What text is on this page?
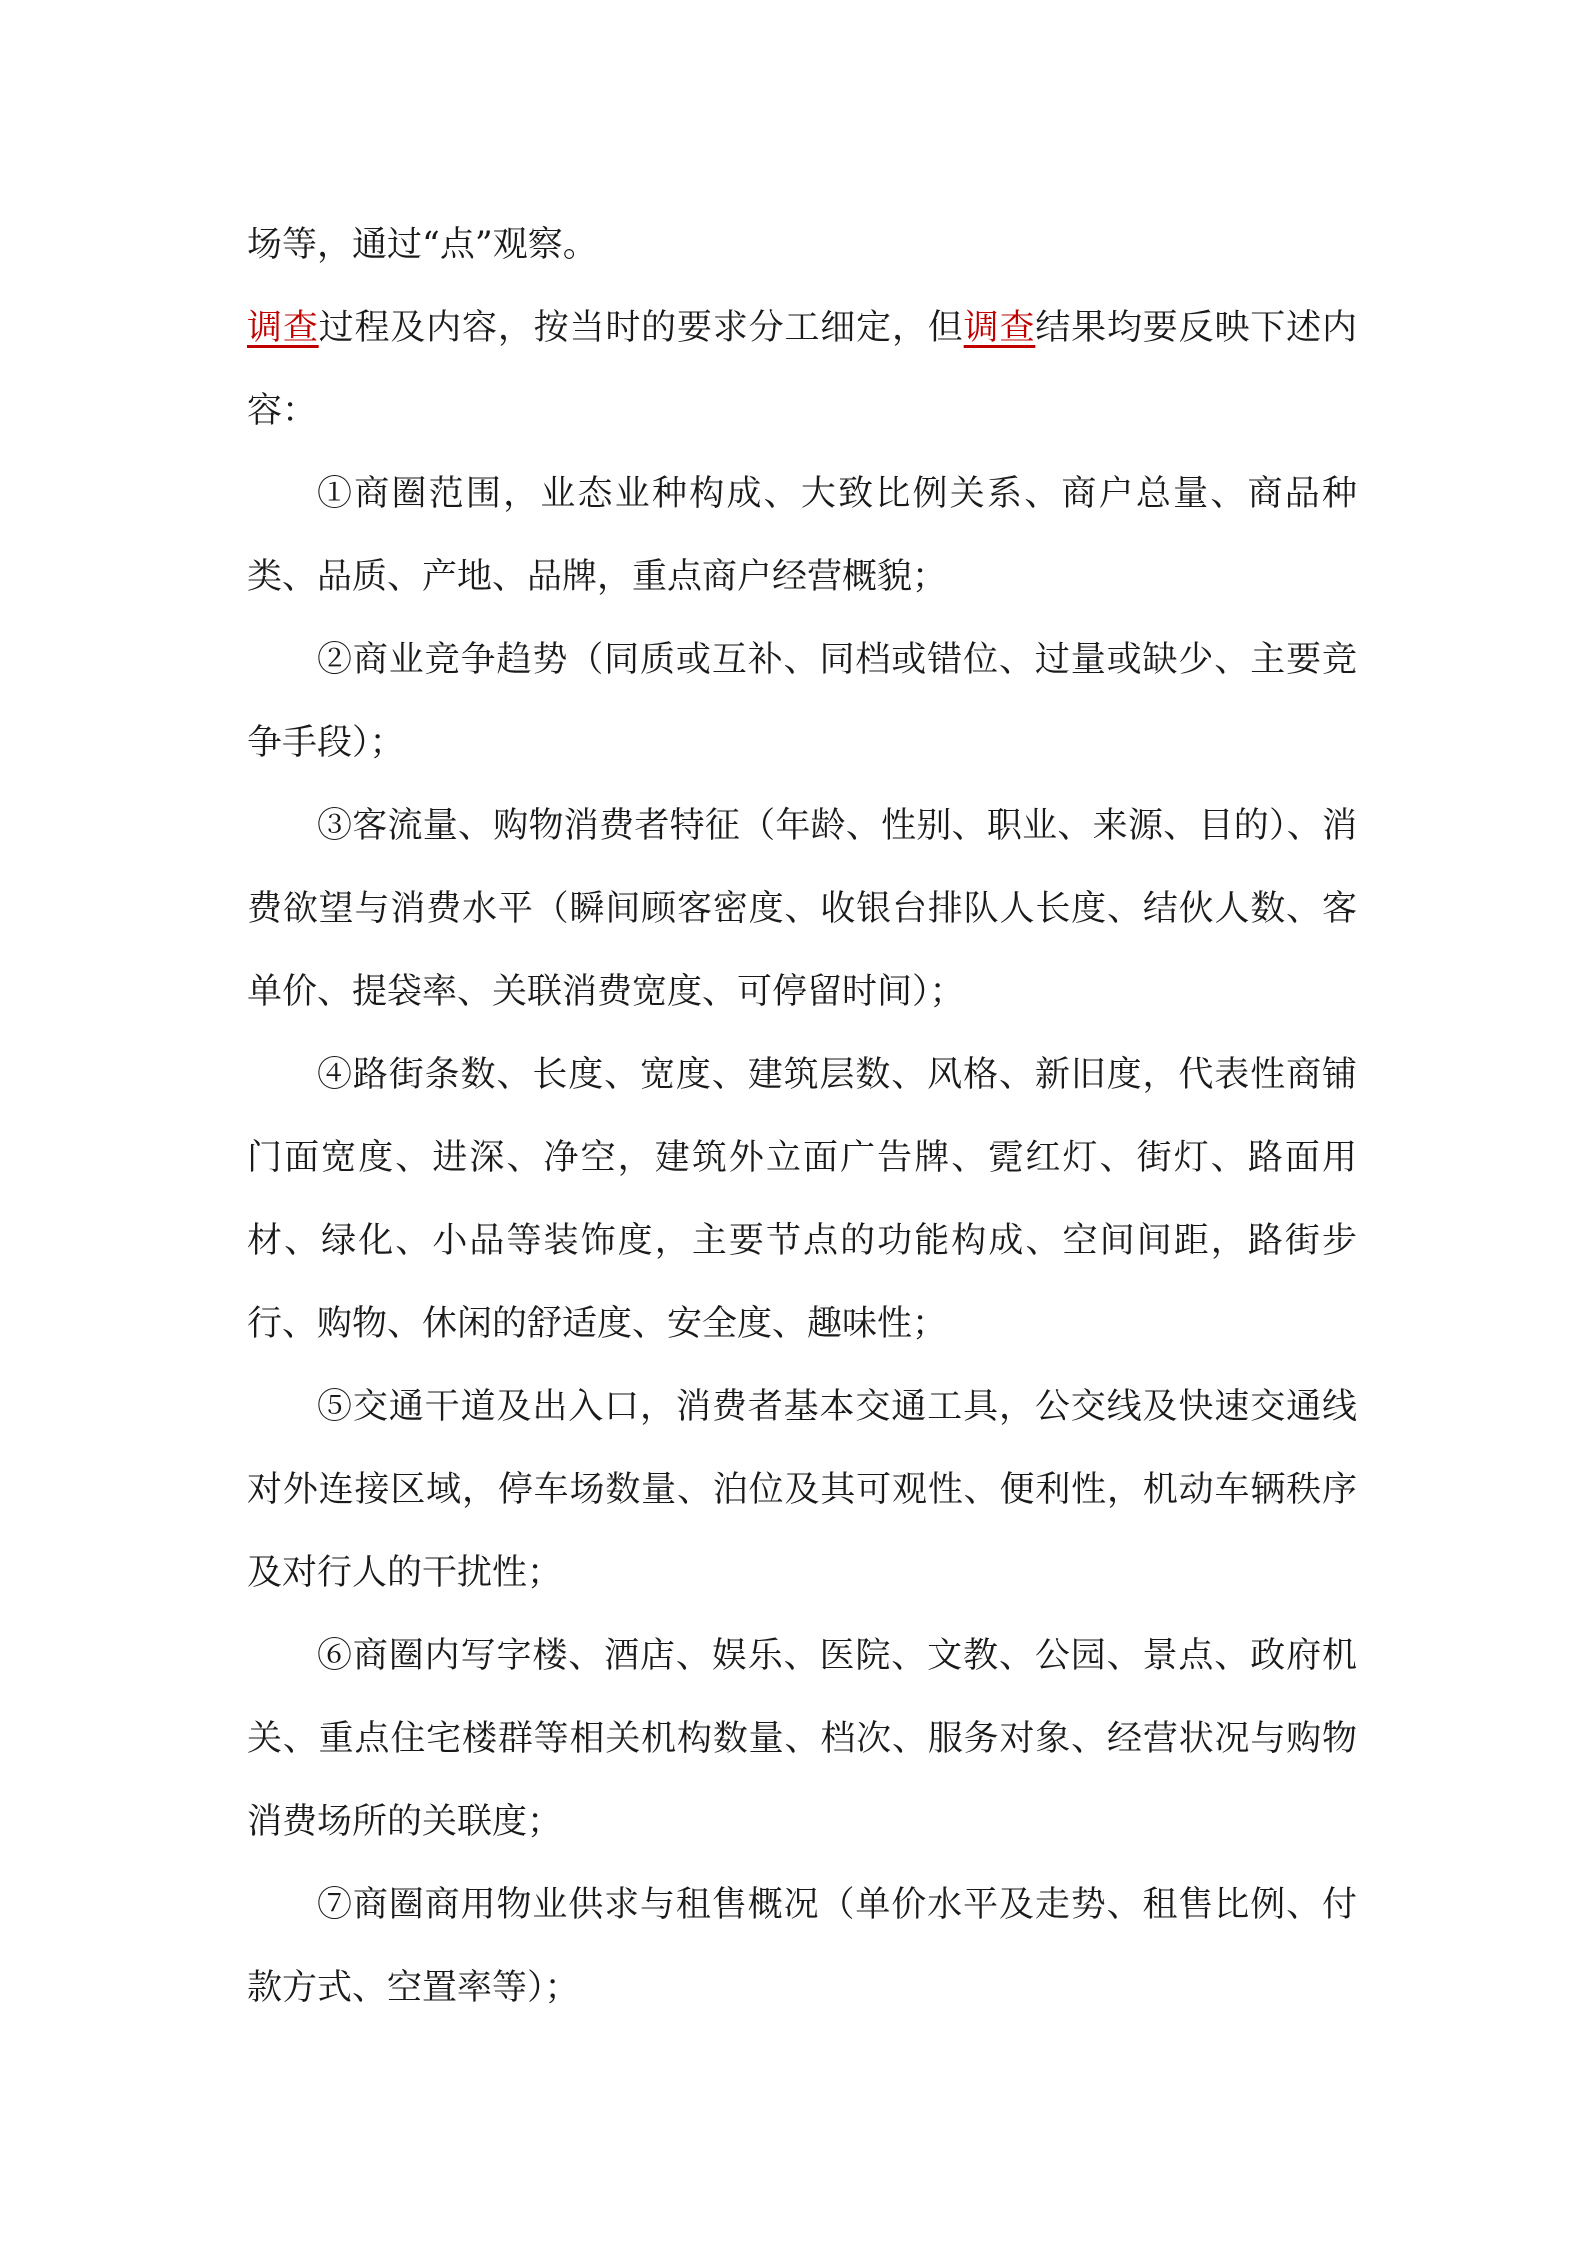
场等，通过“点”观察。

调查过程及内容，按当时的要求分工细定，但调查结果均要反映下述内容：

①商圈范围，业态业种构成、大致比例关系、商户总量、商品种类、品质、产地、品牌，重点商户经营概貌；

②商业竞争趋势（同质或互补、同档或错位、过量或缺少、主要竞争手段）；

③客流量、购物消费者特征（年龄、性别、职业、来源、目的）、消费欲望与消费水平（瞬间顾客密度、收银台排队人长度、结伙人数、客单价、提袋率、关联消费宽度、可停留时间）；

④路街条数、长度、宽度、建筑层数、风格、新旧度，代表性商铺门面宽度、进深、净空，建筑外立面广告牌、霓红灯、街灯、路面用材、绿化、小品等装饰度，主要节点的功能构成、空间间距，路街步行、购物、休闲的舒适度、安全度、趣味性；

⑤交通干道及出入口，消费者基本交通工具，公交线及快速交通线对外连接区域，停车场数量、泊位及其可观性、便利性，机动车辆秩序及对行人的干扰性；

⑥商圈内写字楼、酒店、娱乐、医院、文教、公园、景点、政府机关、重点住宅楼群等相关机构数量、档次、服务对象、经营状况与购物消费场所的关联度；

⑦商圈商用物业供求与租售概况（单价水平及走势、租售比例、付款方式、空置率等）；
